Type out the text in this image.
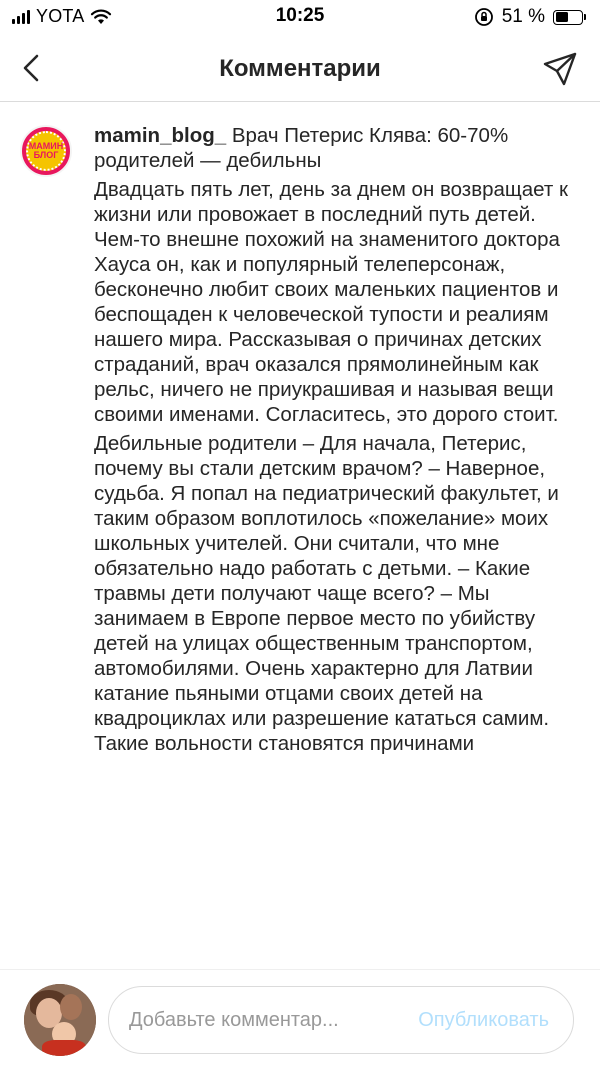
YOTA	10:25	51 %
Комментарии
МАМИН БЛОГ

mamin_blog_ Врач Петерис Клява: 60-70% родителей — дебильны

Двадцать пять лет, день за днем он возвращает к жизни или провожает в последний путь детей. Чем-то внешне похожий на знаменитого доктора Хауса он, как и популярный телеперсонаж, бесконечно любит своих маленьких пациентов и беспощаден к человеческой тупости и реалиям нашего мира. Рассказывая о причинах детских страданий, врач оказался прямолинейным как рельс, ничего не приукрашивая и называя вещи своими именами. Согласитесь, это дорого стоит.

Дебильные родители – Для начала, Петерис, почему вы стали детским врачом? – Наверное, судьба. Я попал на педиатрический факультет, и таким образом воплотилось «пожелание» моих школьных учителей. Они считали, что мне обязательно надо работать с детьми. – Какие травмы дети получают чаще всего? – Мы занимаем в Европе первое место по убийству детей на улицах общественным транспортом, автомобилями. Очень характерно для Латвии катание пьяными отцами своих детей на квадроциклах или разрешение кататься самим. Такие вольности становятся причинами

Добавьте комментар...
Опубликовать
